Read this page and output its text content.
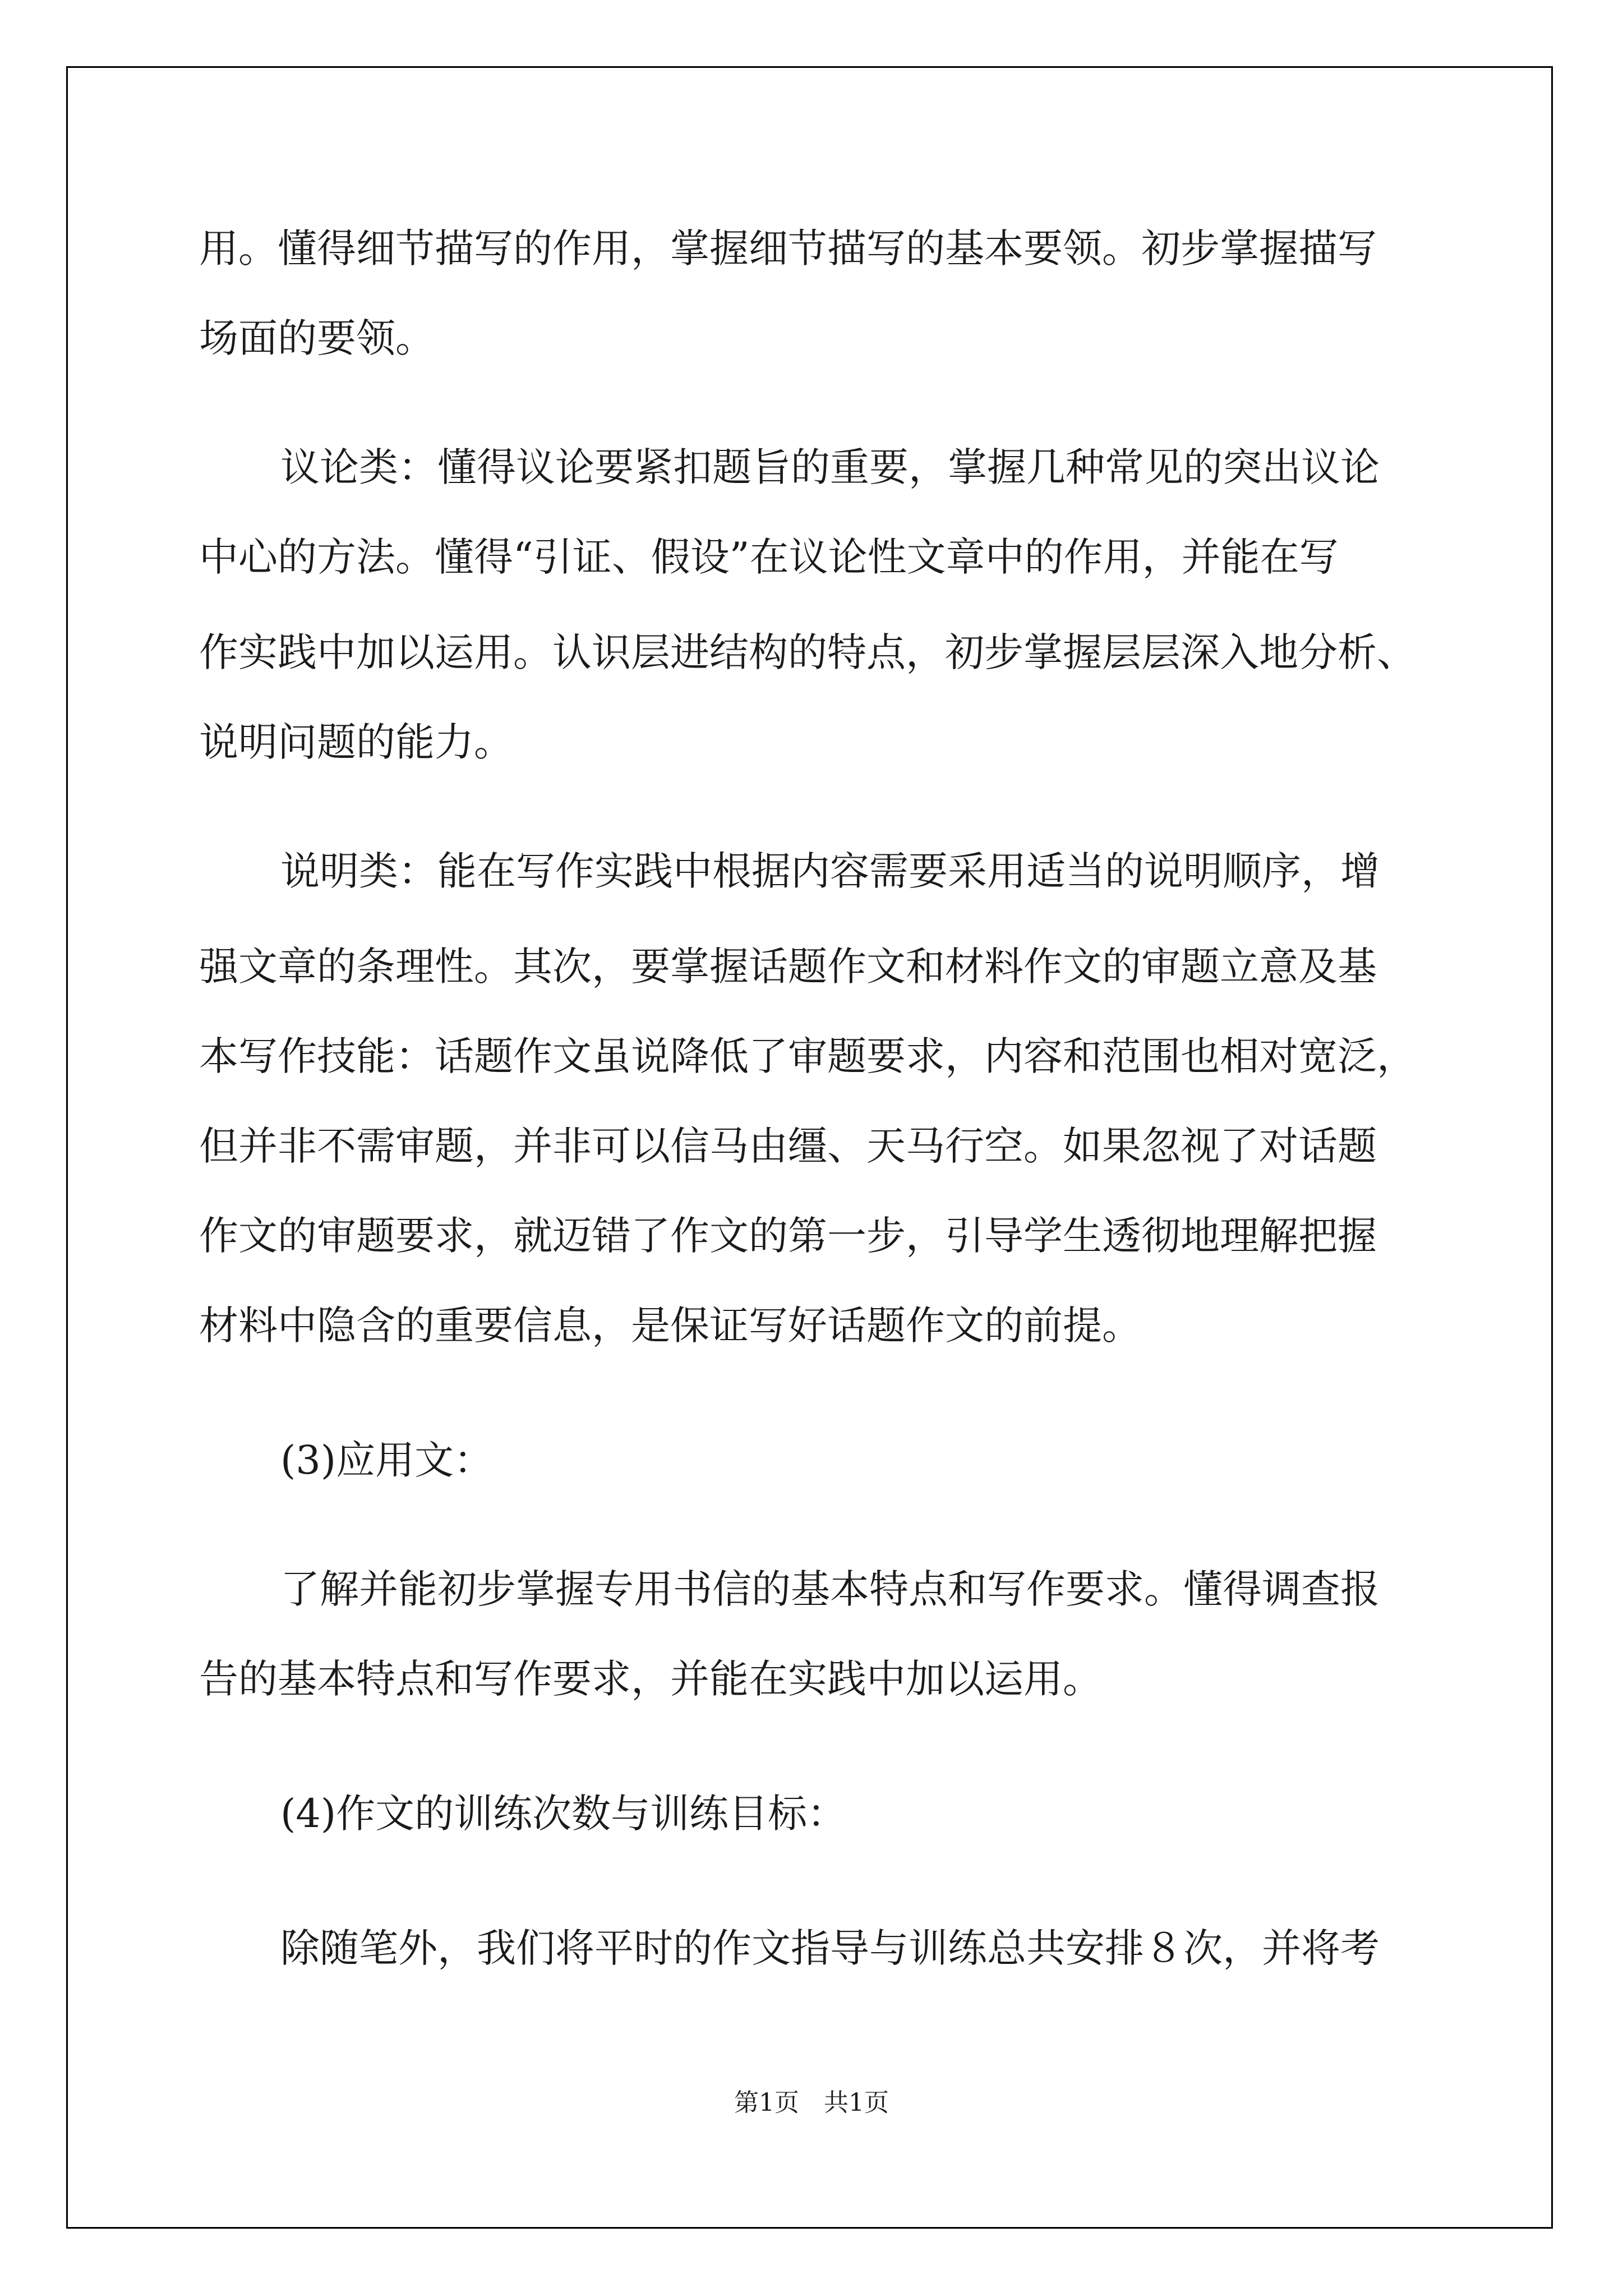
用。懂得细节描写的作用，掌握细节描写的基本要领。初步掌握描写
场面的要领。
议论类：懂得议论要紧扣题旨的重要，掌握几种常见的突出议论
中心的方法。懂得“引证、假设”在议论性文章中的作用，并能在写
作实践中加以运用。认识层进结构的特点，初步掌握层层深入地分析、
说明问题的能力。
说明类：能在写作实践中根据内容需要采用适当的说明顺序，增
强文章的条理性。其次，要掌握话题作文和材料作文的审题立意及基
本写作技能：话题作文虽说降低了审题要求，内容和范围也相对宽泛，
但并非不需审题，并非可以信马由缰、天马行空。如果忽视了对话题
作文的审题要求，就迈错了作文的第一步，引导学生透彻地理解把握
材料中隐含的重要信息，是保证写好话题作文的前提。
(3)应用文：
了解并能初步掌握专用书信的基本特点和写作要求。懂得调查报
告的基本特点和写作要求，并能在实践中加以运用。
(4)作文的训练次数与训练目标：
除随笔外，我们将平时的作文指导与训练总共安排８次，并将考
第1页　共1页
